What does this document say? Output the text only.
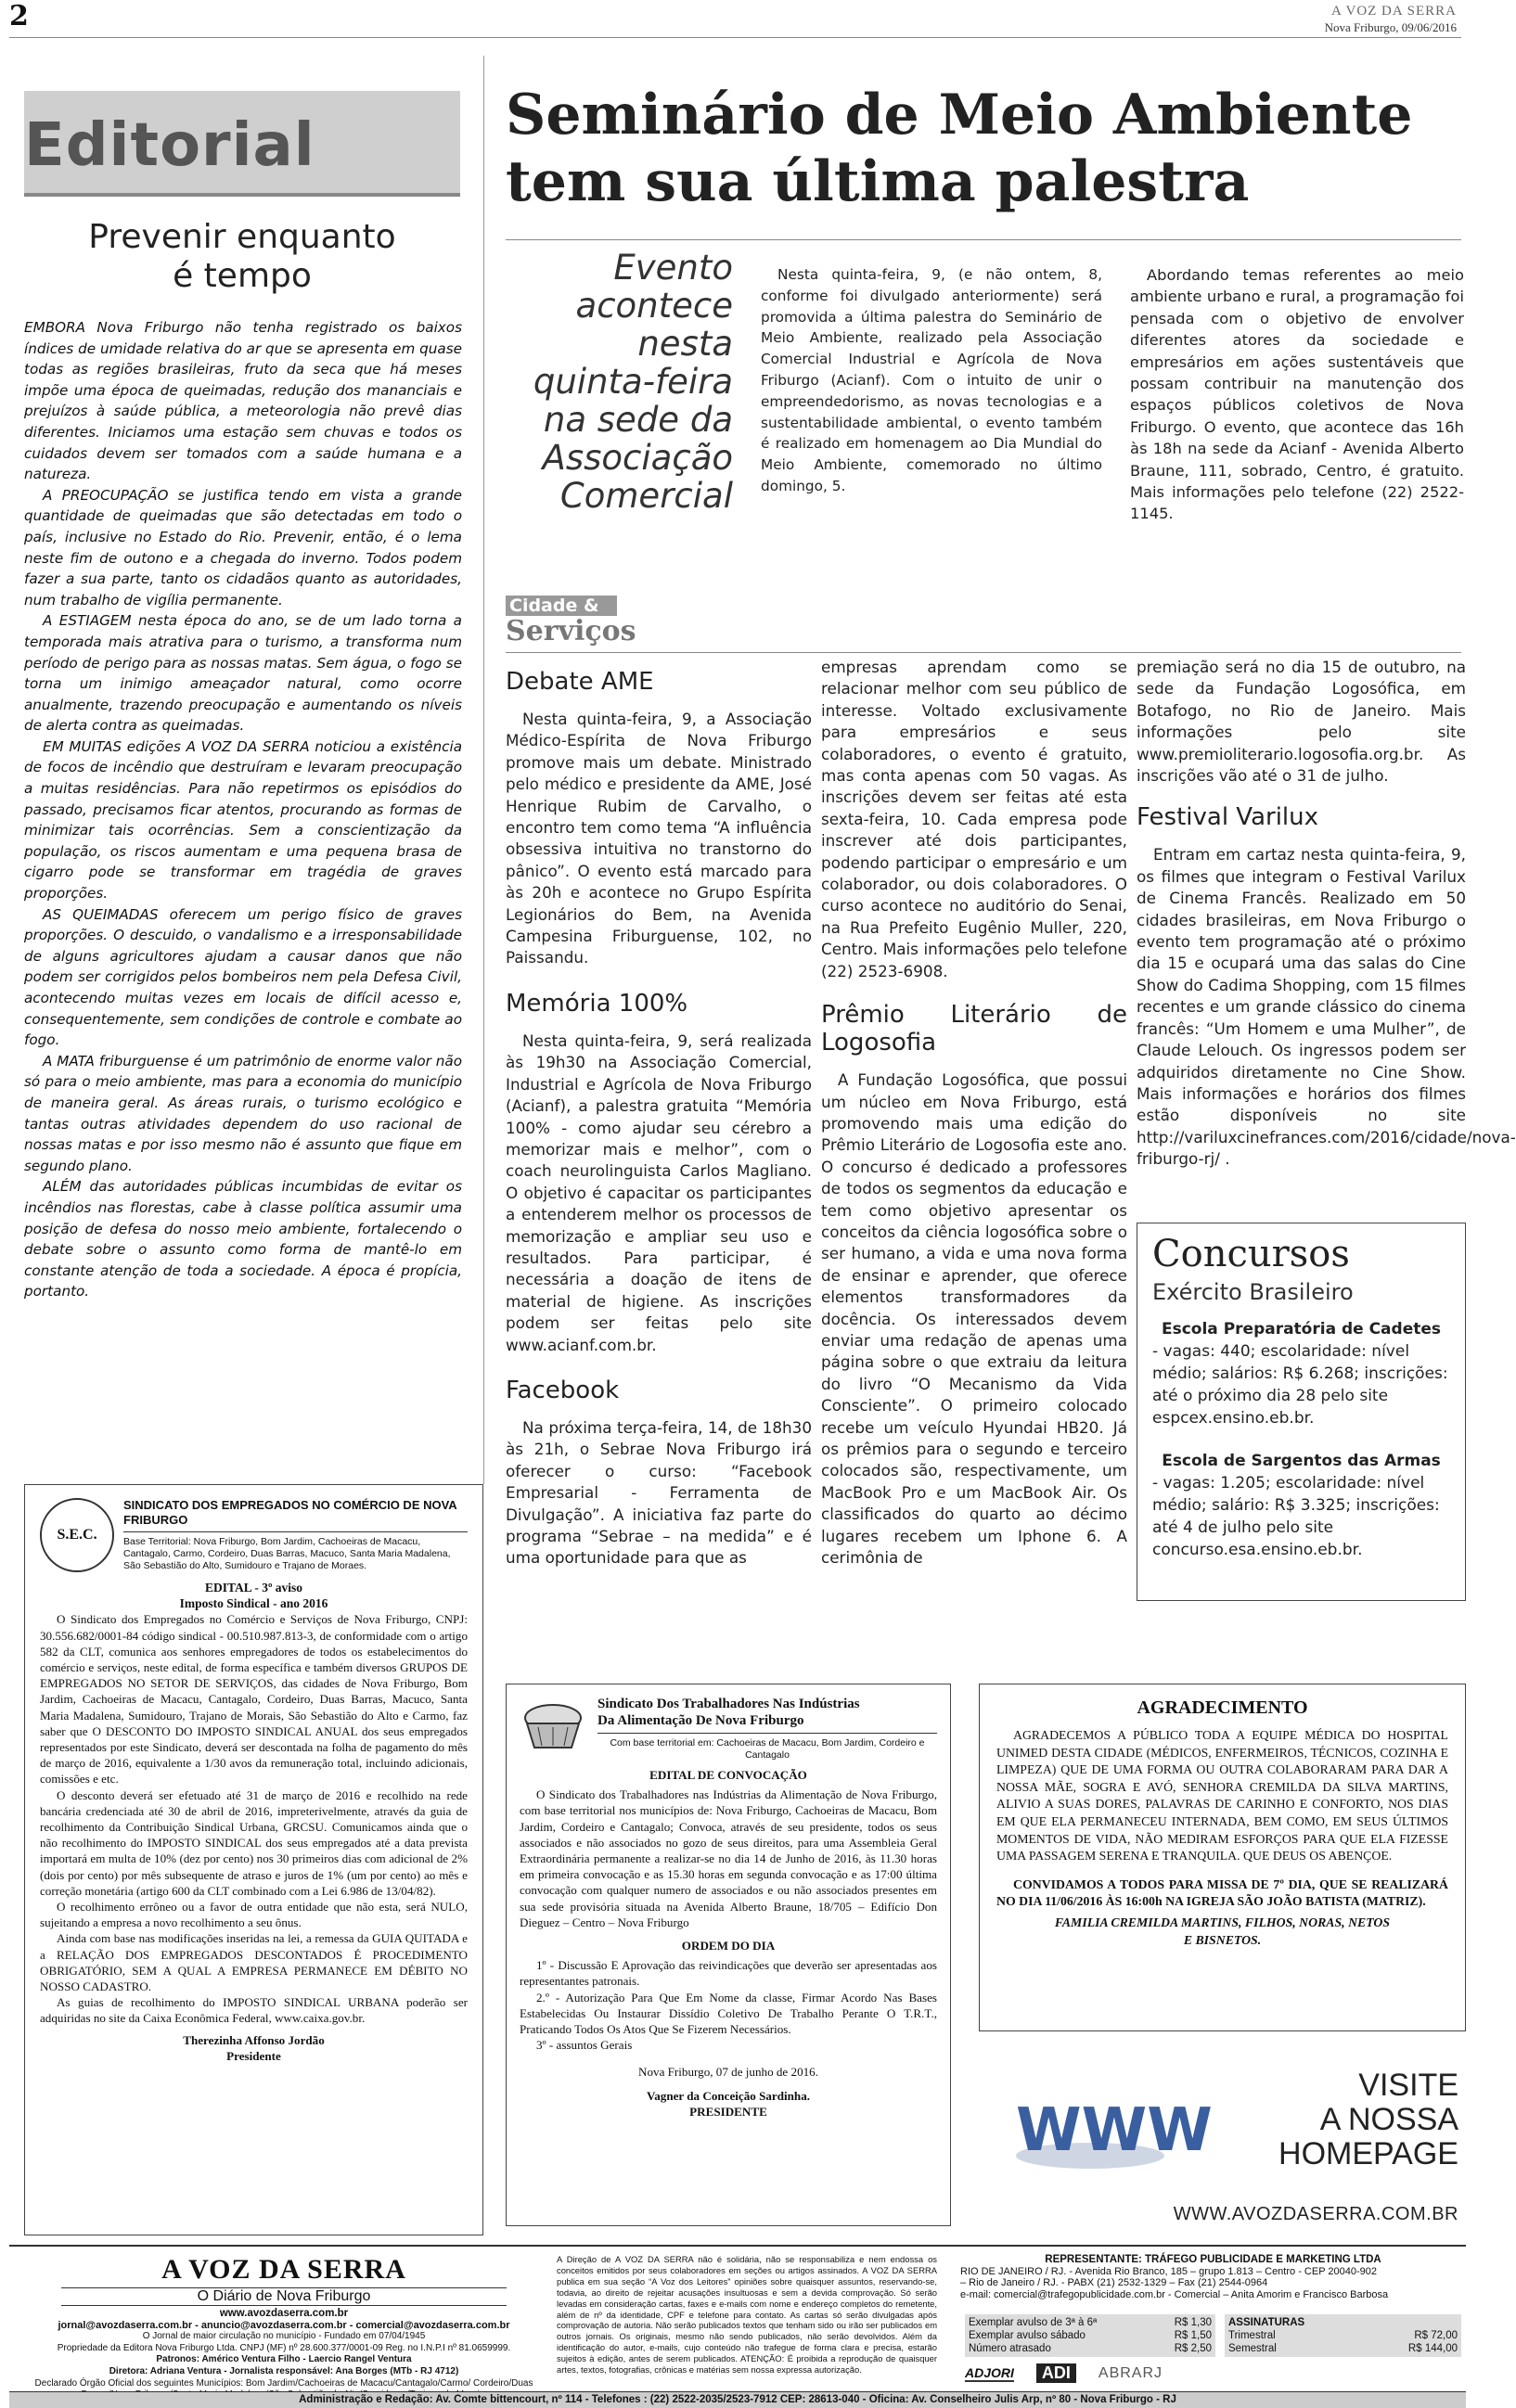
2	A VOZ DA SERRA
Nova Friburgo, 09/06/2016
Editorial
Prevenir enquanto
é tempo

EMBORA Nova Friburgo não tenha registrado os baixos índices de umidade relativa do ar que se apresenta em quase todas as regiões brasileiras, fruto da seca que há meses impõe uma época de queimadas, redução dos mananciais e prejuízos à saúde pública, a meteorologia não prevê dias diferentes. Iniciamos uma estação sem chuvas e todos os cuidados devem ser tomados com a saúde humana e a natureza.

A PREOCUPAÇÃO se justifica tendo em vista a grande quantidade de queimadas que são detectadas em todo o país, inclusive no Estado do Rio. Prevenir, então, é o lema neste fim de outono e a chegada do inverno. Todos podem fazer a sua parte, tanto os cidadãos quanto as autoridades, num trabalho de vigília permanente.

A ESTIAGEM nesta época do ano, se de um lado torna a temporada mais atrativa para o turismo, a transforma num período de perigo para as nossas matas. Sem água, o fogo se torna um inimigo ameaçador natural, como ocorre anualmente, trazendo preocupação e aumentando os níveis de alerta contra as queimadas.

EM MUITAS edições A VOZ DA SERRA noticiou a existência de focos de incêndio que destruíram e levaram preocupação a muitas residências. Para não repetirmos os episódios do passado, precisamos ficar atentos, procurando as formas de minimizar tais ocorrências. Sem a conscientização da população, os riscos aumentam e uma pequena brasa de cigarro pode se transformar em tragédia de graves proporções.

AS QUEIMADAS oferecem um perigo físico de graves proporções. O descuido, o vandalismo e a irresponsabilidade de alguns agricultores ajudam a causar danos que não podem ser corrigidos pelos bombeiros nem pela Defesa Civil, acontecendo muitas vezes em locais de difícil acesso e, consequentemente, sem condições de controle e combate ao fogo.

A MATA friburguense é um patrimônio de enorme valor não só para o meio ambiente, mas para a economia do município de maneira geral. As áreas rurais, o turismo ecológico e tantas outras atividades dependem do uso racional de nossas matas e por isso mesmo não é assunto que fique em segundo plano.

ALÉM das autoridades públicas incumbidas de evitar os incêndios nas florestas, cabe à classe política assumir uma posição de defesa do nosso meio ambiente, fortalecendo o debate sobre o assunto como forma de mantê-lo em constante atenção de toda a sociedade. A época é propícia, portanto.

Seminário de Meio Ambiente
tem sua última palestra
Evento acontece nesta quinta-feira na sede da Associação Comercial

Nesta quinta-feira, 9, (e não ontem, 8, conforme foi divulgado anteriormente) será promovida a última palestra do Seminário de Meio Ambiente, realizado pela Associação Comercial Industrial e Agrícola de Nova Friburgo (Acianf). Com o intuito de unir o empreendedorismo, as novas tecnologias e a sustentabilidade ambiental, o evento também é realizado em homenagem ao Dia Mundial do Meio Ambiente, comemorado no último domingo, 5.

Abordando temas referentes ao meio ambiente urbano e rural, a programação foi pensada com o objetivo de envolver diferentes atores da sociedade e empresários em ações sustentáveis que possam contribuir na manutenção dos espaços públicos coletivos de Nova Friburgo. O evento, que acontece das 16h às 18h na sede da Acianf - Avenida Alberto Braune, 111, sobrado, Centro, é gratuito. Mais informações pelo telefone (22) 2522-1145.

Cidade &
Serviços
Debate AME

Nesta quinta-feira, 9, a Associação Médico-Espírita de Nova Friburgo promove mais um debate. Ministrado pelo médico e presidente da AME, José Henrique Rubim de Carvalho, o encontro tem como tema “A influência obsessiva intuitiva no transtorno do pânico”. O evento está marcado para às 20h e acontece no Grupo Espírita Legionários do Bem, na Avenida Campesina Friburguense, 102, no Paissandu.

Memória 100%

Nesta quinta-feira, 9, será realizada às 19h30 na Associação Comercial, Industrial e Agrícola de Nova Friburgo (Acianf), a palestra gratuita “Memória 100% - como ajudar seu cérebro a memorizar mais e melhor”, com o coach neurolinguista Carlos Magliano. O objetivo é capacitar os participantes a entenderem melhor os processos de memorização e ampliar seu uso e resultados. Para participar, é necessária a doação de itens de material de higiene. As inscrições podem ser feitas pelo site www.acianf.com.br.

Facebook

Na próxima terça-feira, 14, de 18h30 às 21h, o Sebrae Nova Friburgo irá oferecer o curso: “Facebook Empresarial - Ferramenta de Divulgação”. A iniciativa faz parte do programa “Sebrae – na medida” e é uma oportunidade para que as

empresas aprendam como se relacionar melhor com seu público de interesse. Voltado exclusivamente para empresários e seus colaboradores, o evento é gratuito, mas conta apenas com 50 vagas. As inscrições devem ser feitas até esta sexta-feira, 10. Cada empresa pode inscrever até dois participantes, podendo participar o empresário e um colaborador, ou dois colaboradores. O curso acontece no auditório do Senai, na Rua Prefeito Eugênio Muller, 220, Centro. Mais informações pelo telefone (22) 2523-6908.

Prêmio Literário de Logosofia

A Fundação Logosófica, que possui um núcleo em Nova Friburgo, está promovendo mais uma edição do Prêmio Literário de Logosofia este ano. O concurso é dedicado a professores de todos os segmentos da educação e tem como objetivo apresentar os conceitos da ciência logosófica sobre o ser humano, a vida e uma nova forma de ensinar e aprender, que oferece elementos transformadores da docência. Os interessados devem enviar uma redação de apenas uma página sobre o que extraiu da leitura do livro “O Mecanismo da Vida Consciente”. O primeiro colocado recebe um veículo Hyundai HB20. Já os prêmios para o segundo e terceiro colocados são, respectivamente, um MacBook Pro e um MacBook Air. Os classificados do quarto ao décimo lugares recebem um Iphone 6. A cerimônia de

premiação será no dia 15 de outubro, na sede da Fundação Logosófica, em Botafogo, no Rio de Janeiro. Mais informações pelo site www.premioliterario.logosofia.org.br. As inscrições vão até o 31 de julho.

Festival Varilux

Entram em cartaz nesta quinta-feira, 9, os filmes que integram o Festival Varilux de Cinema Francês. Realizado em 50 cidades brasileiras, em Nova Friburgo o evento tem programação até o próximo dia 15 e ocupará uma das salas do Cine Show do Cadima Shopping, com 15 filmes recentes e um grande clássico do cinema francês: “Um Homem e uma Mulher”, de Claude Lelouch. Os ingressos podem ser adquiridos diretamente no Cine Show. Mais informações e horários dos filmes estão disponíveis no site http://variluxcinefrances.com/2016/cidade/nova-friburgo-rj/ .

Concursos
Exército Brasileiro
Escola Preparatória de Cadetes
- vagas: 440; escolaridade: nível médio; salários: R$ 6.268; inscrições: até o próximo dia 28 pelo site espcex.ensino.eb.br.
Escola de Sargentos das Armas
- vagas: 1.205; escolaridade: nível médio; salário: R$ 3.325; inscrições: até 4 de julho pelo site concurso.esa.ensino.eb.br.
S.E.C.
SINDICATO DOS EMPREGADOS NO COMÉRCIO DE NOVA FRIBURGO
Base Territorial: Nova Friburgo, Bom Jardim, Cachoeiras de Macacu, Cantagalo, Carmo, Cordeiro, Duas Barras, Macuco, Santa Maria Madalena, São Sebastião do Alto, Sumidouro e Trajano de Moraes.
EDITAL - 3º aviso
Imposto Sindical - ano 2016

O Sindicato dos Empregados no Comércio e Serviços de Nova Friburgo, CNPJ: 30.556.682/0001-84 código sindical - 00.510.987.813-3, de conformidade com o artigo 582 da CLT, comunica aos senhores empregadores de todos os estabelecimentos do comércio e serviços, neste edital, de forma específica e também diversos GRUPOS DE EMPREGADOS NO SETOR DE SERVIÇOS, das cidades de Nova Friburgo, Bom Jardim, Cachoeiras de Macacu, Cantagalo, Cordeiro, Duas Barras, Macuco, Santa Maria Madalena, Sumidouro, Trajano de Morais, São Sebastião do Alto e Carmo, faz saber que O DESCONTO DO IMPOSTO SINDICAL ANUAL dos seus empregados representados por este Sindicato, deverá ser descontada na folha de pagamento do mês de março de 2016, equivalente a 1/30 avos da remuneração total, incluindo adicionais, comissões e etc.

O desconto deverá ser efetuado até 31 de março de 2016 e recolhido na rede bancária credenciada até 30 de abril de 2016, impreterivelmente, através da guia de recolhimento da Contribuição Sindical Urbana, GRCSU. Comunicamos ainda que o não recolhimento do IMPOSTO SINDICAL dos seus empregados até a data prevista importará em multa de 10% (dez por cento) nos 30 primeiros dias com adicional de 2% (dois por cento) por mês subsequente de atraso e juros de 1% (um por cento) ao mês e correção monetária (artigo 600 da CLT combinado com a Lei 6.986 de 13/04/82).

O recolhimento errôneo ou a favor de outra entidade que não esta, será NULO, sujeitando a empresa a novo recolhimento a seu ônus.

Ainda com base nas modificações inseridas na lei, a remessa da GUIA QUITADA e a RELAÇÃO DOS EMPREGADOS DESCONTADOS É PROCEDIMENTO OBRIGATÓRIO, SEM A QUAL A EMPRESA PERMANECE EM DÉBITO NO NOSSO CADASTRO.

As guias de recolhimento do IMPOSTO SINDICAL URBANA poderão ser adquiridas no site da Caixa Econômica Federal, www.caixa.gov.br.

Therezinha Affonso Jordão
Presidente
Sindicato Dos Trabalhadores Nas Indústrias
Da Alimentação De Nova Friburgo
Com base territorial em: Cachoeiras de Macacu, Bom Jardim, Cordeiro e Cantagalo
EDITAL DE CONVOCAÇÃO

O Sindicato dos Trabalhadores nas Indústrias da Alimentação de Nova Friburgo, com base territorial nos municípios de: Nova Friburgo, Cachoeiras de Macacu, Bom Jardim, Cordeiro e Cantagalo; Convoca, através de seu presidente, todos os seus associados e não associados no gozo de seus direitos, para uma Assembleia Geral Extraordinária permanente a realizar-se no dia 14 de Junho de 2016, às 11.30 horas em primeira convocação e as 15.30 horas em segunda convocação e as 17:00 última convocação com qualquer numero de associados e ou não associados presentes em sua sede provisória situada na Avenida Alberto Braune, 18/705 – Edifício Don Dieguez – Centro – Nova Friburgo

ORDEM DO DIA

1º - Discussão E Aprovação das reivindicações que deverão ser apresentadas aos representantes patronais.

2.º - Autorização Para Que Em Nome da classe, Firmar Acordo Nas Bases Estabelecidas Ou Instaurar Dissídio Coletivo De Trabalho Perante O T.R.T., Praticando Todos Os Atos Que Se Fizerem Necessários.

3º - assuntos Gerais

Nova Friburgo, 07 de junho de 2016.
Vagner da Conceição Sardinha.
PRESIDENTE
AGRADECIMENTO
AGRADECEMOS A PÚBLICO TODA A EQUIPE MÉDICA DO HOSPITAL UNIMED DESTA CIDADE (MÉDICOS, ENFERMEIROS, TÉCNICOS, COZINHA E LIMPEZA) QUE DE UMA FORMA OU OUTRA COLABORARAM PARA DAR A NOSSA MÃE, SOGRA E AVÓ, SENHORA CREMILDA DA SILVA MARTINS, ALIVIO A SUAS DORES, PALAVRAS DE CARINHO E CONFORTO, NOS DIAS EM QUE ELA PERMANECEU INTERNADA, BEM COMO, EM SEUS ÚLTIMOS MOMENTOS DE VIDA, NÃO MEDIRAM ESFORÇOS PARA QUE ELA FIZESSE UMA PASSAGEM SERENA E TRANQUILA. QUE DEUS OS ABENÇOE.
CONVIDAMOS A TODOS PARA MISSA DE 7º DIA, QUE SE REALIZARÁ NO DIA 11/06/2016 ÀS 16:00h NA IGREJA SÃO JOÃO BATISTA (MATRIZ).
FAMILIA CREMILDA MARTINS, FILHOS, NORAS, NETOS E BISNETOS.
WWW
VISITE
A NOSSA
HOMEPAGE
WWW.AVOZDASERRA.COM.BR
A VOZ DA SERRA
O Diário de Nova Friburgo
www.avozdaserra.com.br
jornal@avozdaserra.com.br - anuncio@avozdaserra.com.br - comercial@avozdaserra.com.br
O Jornal de maior circulação no município - Fundado em 07/04/1945
Propriedade da Editora Nova Friburgo Ltda. CNPJ (MF) nº 28.600.377/0001-09 Reg. no I.N.P.I nº 81.0659999.
Patronos: Américo Ventura Filho - Laercio Rangel Ventura
Diretora: Adriana Ventura - Jornalista responsável: Ana Borges (MTb - RJ 4712)
Declarado Órgão Oficial dos seguintes Municípios: Bom Jardim/Cachoeiras de Macacu/Cantagalo/Carmo/ Cordeiro/Duas
A Direção de A VOZ DA SERRA não é solidária, não se responsabiliza e nem endossa os conceitos emitidos por seus colaboradores em seções ou artigos assinados. A VOZ DA SERRA publica em sua seção “A Voz dos Leitores” opiniões sobre quaisquer assuntos, reservando-se, todavia, ao direito de rejeitar acusações insultuosas e sem a devida comprovação. Só serão levadas em consideração cartas, faxes e e-mails com nome e endereço completos do remetente, além de nº da identidade, CPF e telefone para contato. As cartas só serão divulgadas após comprovação de autoria. Não serão publicados textos que tenham sido ou irão ser publicados em outros jornais. Os originais, mesmo não sendo publicados, não serão devolvidos. Além da identificação do autor, e-mails, cujo conteúdo não trafegue de forma clara e precisa, estarão sujeitos à edição, antes de serem publicados. ATENÇÃO: É proibida a reprodução de quaisquer artes, textos, fotografias, crônicas e matérias sem nossa expressa autorização.
REPRESENTANTE: TRÁFEGO PUBLICIDADE E MARKETING LTDA
RIO DE JANEIRO / RJ. - Avenida Rio Branco, 185 – grupo 1.813 – Centro - CEP 20040-902
– Rio de Janeiro / RJ. - PABX (21) 2532-1329 – Fax (21) 2544-0964
e-mail: comercial@trafegopublicidade.com.br - Comercial – Anita Amorim e Francisco Barbosa
Exemplar avulso de 3ª à 6ª	R$ 1,30
Exemplar avulso sábado	R$ 1,50
Número atrasado	R$ 2,50
ASSINATURAS
Trimestral	R$ 72,00
Semestral	R$ 144,00
ADJORI	ADI	ABRARJ
Administração e Redação: Av. Comte bittencourt, nº 114 - Telefones : (22) 2522-2035/2523-7912 CEP: 28613-040 - Oficina: Av. Conselheiro Julis Arp, nº 80 - Nova Friburgo - RJ
